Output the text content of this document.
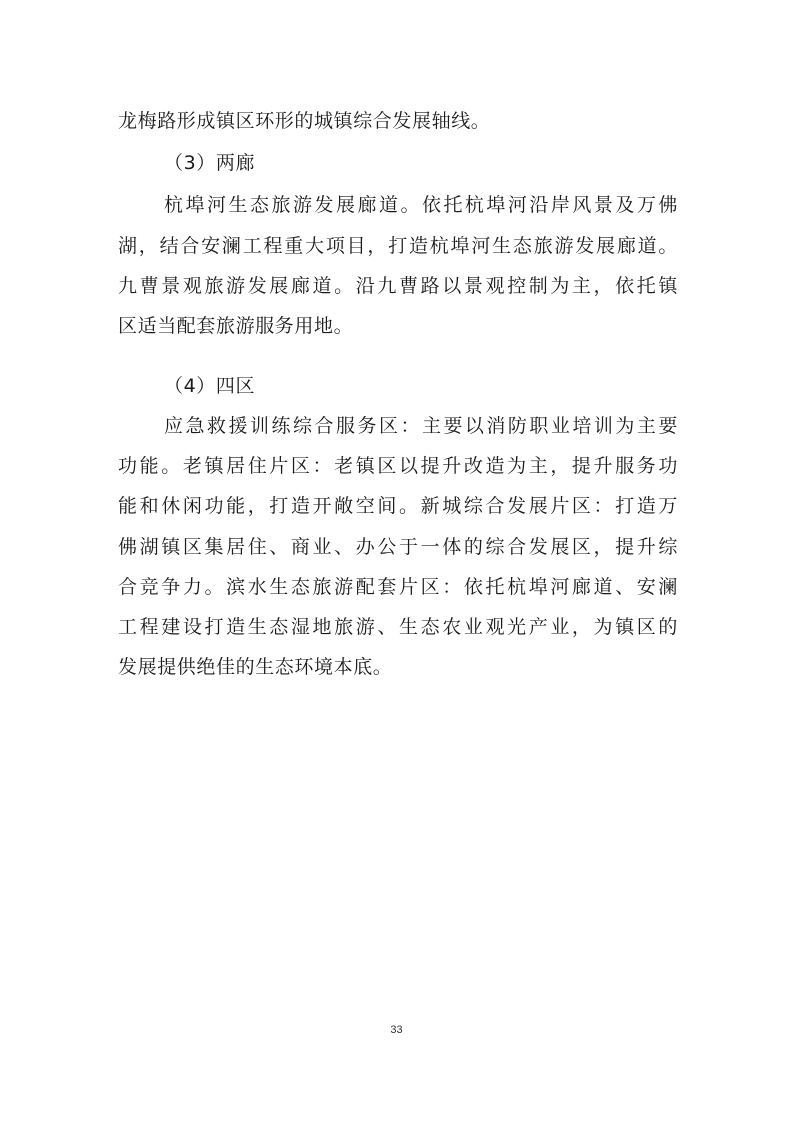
龙梅路形成镇区环形的城镇综合发展轴线。
（3）两廊
杭埠河生态旅游发展廊道。依托杭埠河沿岸风景及万佛
湖，结合安澜工程重大项目，打造杭埠河生态旅游发展廊道。
九曹景观旅游发展廊道。沿九曹路以景观控制为主，依托镇
区适当配套旅游服务用地。
（4）四区
应急救援训练综合服务区：主要以消防职业培训为主要
功能。老镇居住片区：老镇区以提升改造为主，提升服务功
能和休闲功能，打造开敞空间。新城综合发展片区：打造万
佛湖镇区集居住、商业、办公于一体的综合发展区，提升综
合竞争力。滨水生态旅游配套片区：依托杭埠河廊道、安澜
工程建设打造生态湿地旅游、生态农业观光产业，为镇区的
发展提供绝佳的生态环境本底。
33
